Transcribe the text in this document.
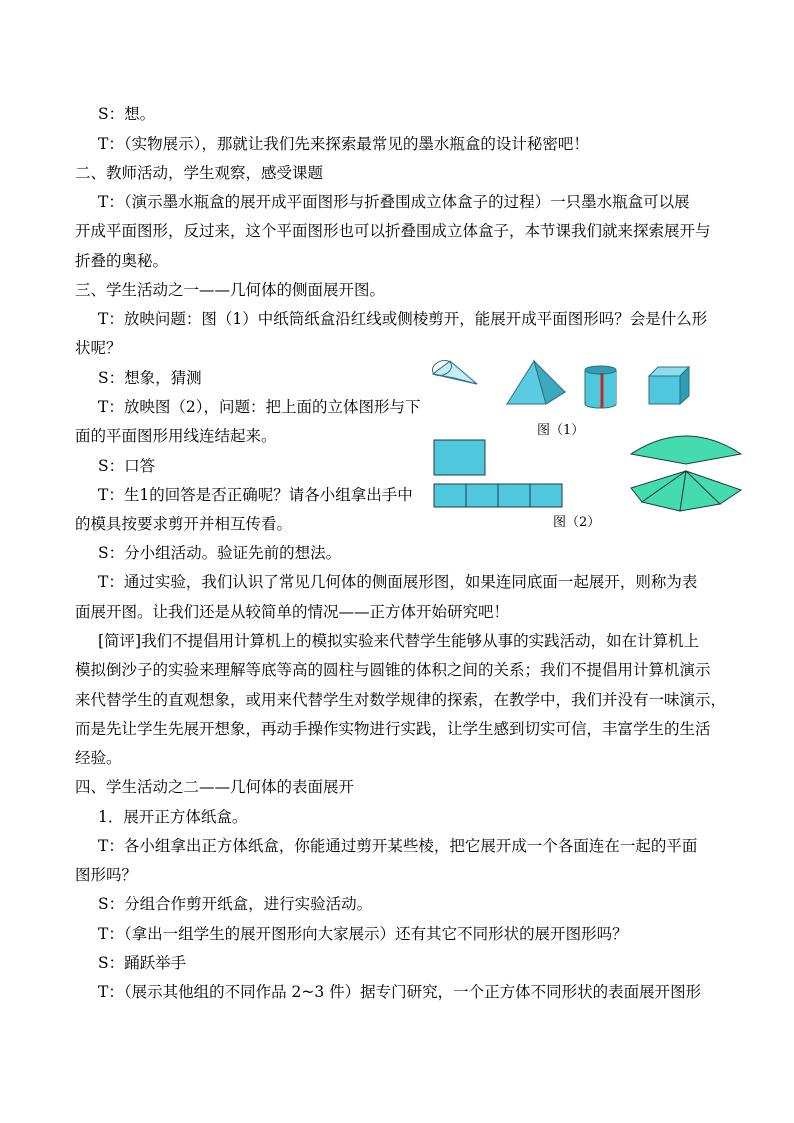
S：想。
T：（实物展示），那就让我们先来探索最常见的墨水瓶盒的设计秘密吧！
二、教师活动，学生观察，感受课题
T：（演示墨水瓶盒的展开成平面图形与折叠围成立体盒子的过程）一只墨水瓶盒可以展
开成平面图形，反过来，这个平面图形也可以折叠围成立体盒子，本节课我们就来探索展开与
折叠的奥秘。
三、学生活动之一——几何体的侧面展开图。
T：放映问题：图（1）中纸筒纸盒沿红线或侧棱剪开，能展开成平面图形吗？会是什么形
状呢？
S：想象，猜测
T：放映图（2），问题：把上面的立体图形与下
面的平面图形用线连结起来。
S：口答
T：生1的回答是否正确呢？请各小组拿出手中
的模具按要求剪开并相互传看。
S：分小组活动。验证先前的想法。
T：通过实验，我们认识了常见几何体的侧面展形图，如果连同底面一起展开，则称为表
面展开图。让我们还是从较简单的情况——正方体开始研究吧！
[简评]我们不提倡用计算机上的模拟实验来代替学生能够从事的实践活动，如在计算机上
模拟倒沙子的实验来理解等底等高的圆柱与圆锥的体积之间的关系；我们不提倡用计算机演示
来代替学生的直观想象，或用来代替学生对数学规律的探索，在教学中，我们并没有一味演示，
而是先让学生先展开想象，再动手操作实物进行实践，让学生感到切实可信，丰富学生的生活
经验。
四、学生活动之二——几何体的表面展开
1．展开正方体纸盒。
T：各小组拿出正方体纸盒，你能通过剪开某些棱，把它展开成一个各面连在一起的平面
图形吗？
S：分组合作剪开纸盒，进行实验活动。
T：（拿出一组学生的展开图形向大家展示）还有其它不同形状的展开图形吗？
S：踊跃举手
T：（展示其他组的不同作品 2~3 件）据专门研究，一个正方体不同形状的表面展开图形
图（1）
图（2）
